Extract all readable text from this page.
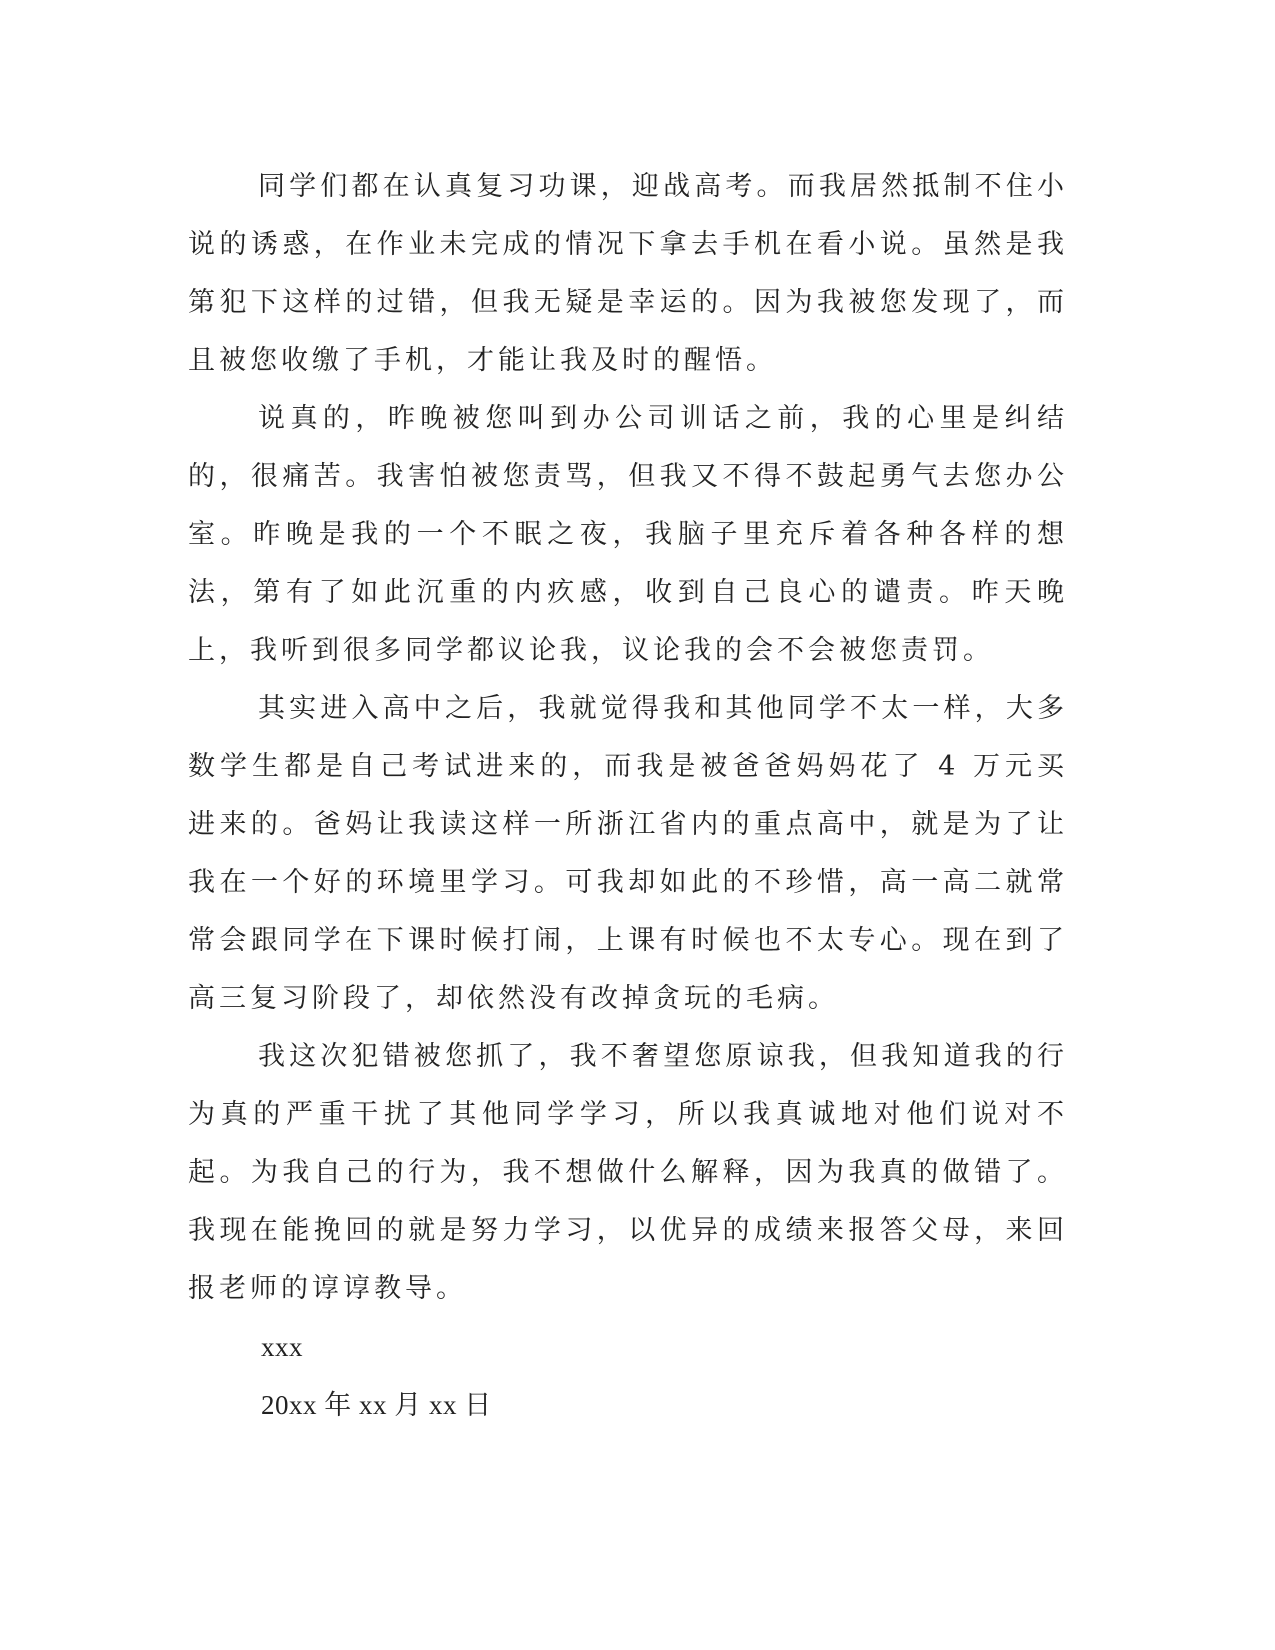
同学们都在认真复习功课，迎战高考。而我居然抵制不住小说的诱惑，在作业未完成的情况下拿去手机在看小说。虽然是我第犯下这样的过错，但我无疑是幸运的。因为我被您发现了，而且被您收缴了手机，才能让我及时的醒悟。

说真的，昨晚被您叫到办公司训话之前，我的心里是纠结的，很痛苦。我害怕被您责骂，但我又不得不鼓起勇气去您办公室。昨晚是我的一个不眠之夜，我脑子里充斥着各种各样的想法，第有了如此沉重的内疚感，收到自己良心的谴责。昨天晚上，我听到很多同学都议论我，议论我的会不会被您责罚。

其实进入高中之后，我就觉得我和其他同学不太一样，大多数学生都是自己考试进来的，而我是被爸爸妈妈花了 4 万元买进来的。爸妈让我读这样一所浙江省内的重点高中，就是为了让我在一个好的环境里学习。可我却如此的不珍惜，高一高二就常常会跟同学在下课时候打闹，上课有时候也不太专心。现在到了高三复习阶段了，却依然没有改掉贪玩的毛病。

我这次犯错被您抓了，我不奢望您原谅我，但我知道我的行为真的严重干扰了其他同学学习，所以我真诚地对他们说对不起。为我自己的行为，我不想做什么解释，因为我真的做错了。我现在能挽回的就是努力学习，以优异的成绩来报答父母，来回报老师的谆谆教导。

xxx

20xx 年 xx 月 xx 日
